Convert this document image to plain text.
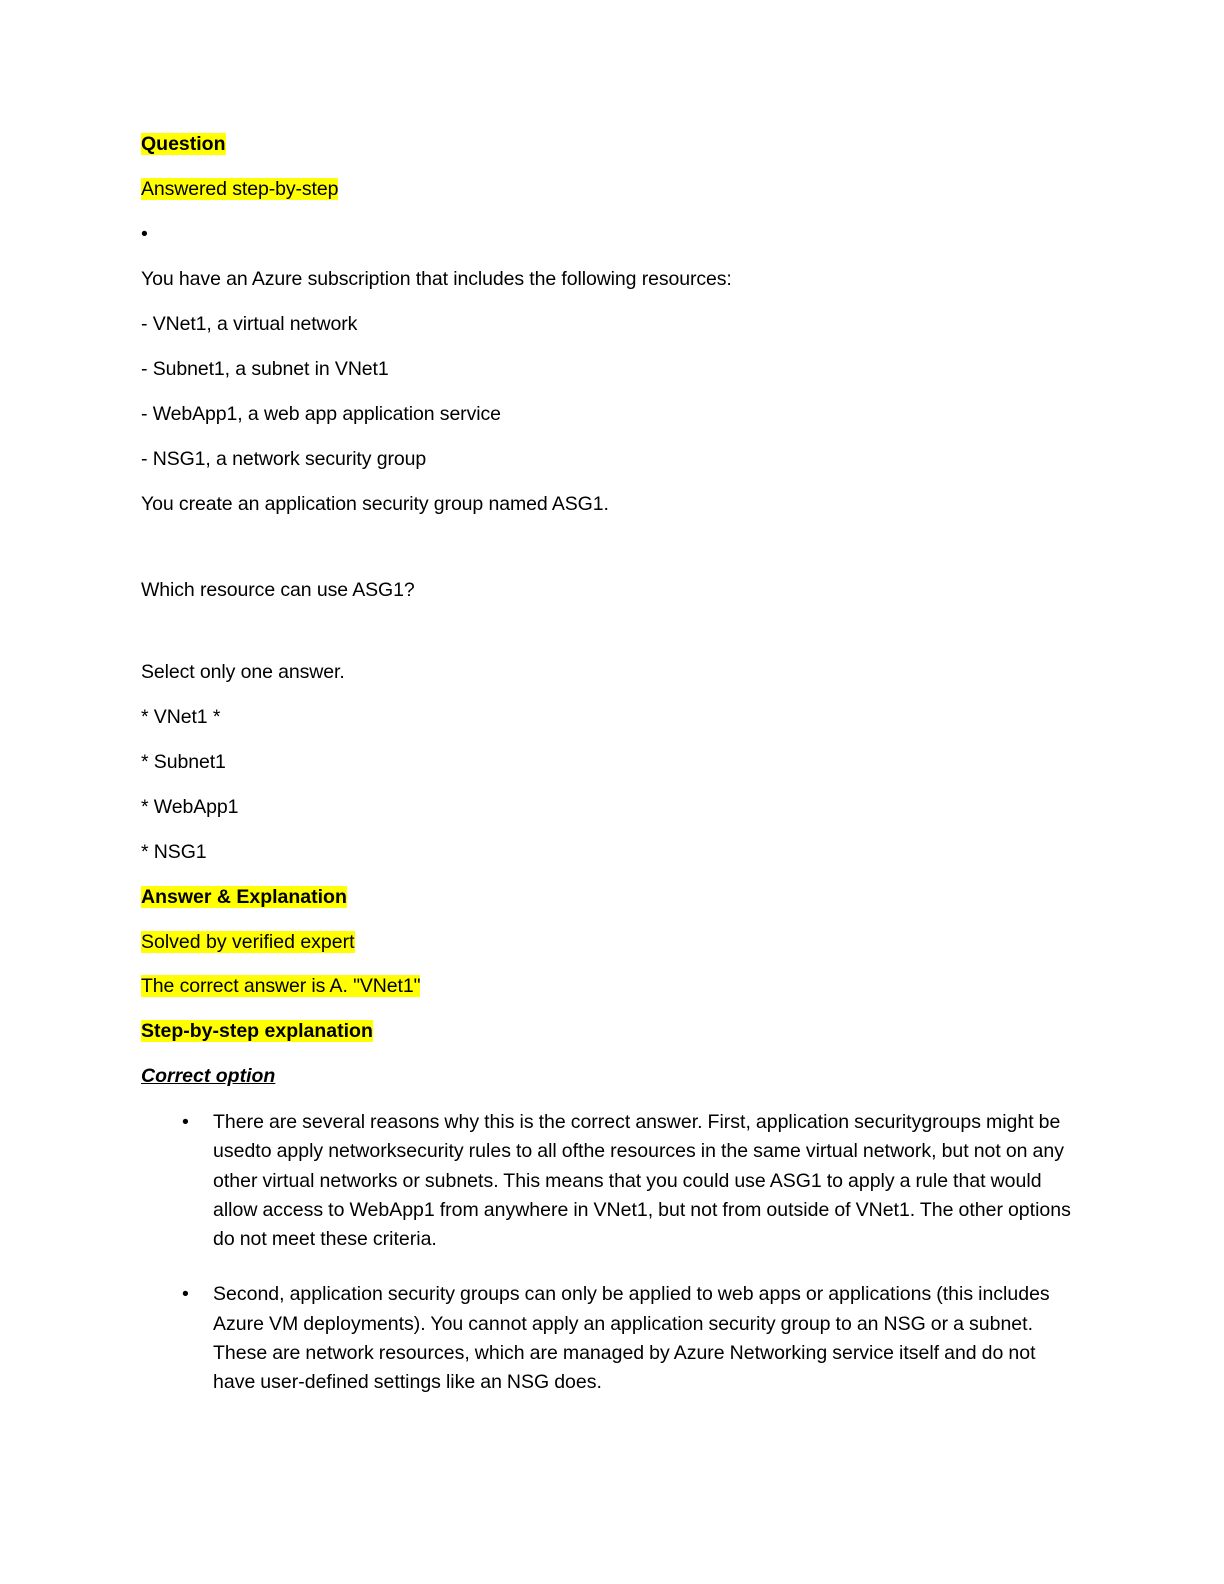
Question
Answered step-by-step
•
You have an Azure subscription that includes the following resources:
- VNet1, a virtual network
- Subnet1, a subnet in VNet1
- WebApp1, a web app application service
- NSG1, a network security group
You create an application security group named ASG1.
Which resource can use ASG1?
Select only one answer.
* VNet1 *
* Subnet1
* WebApp1
* NSG1
Answer & Explanation
Solved by verified expert
The correct answer is A. "VNet1"
Step-by-step explanation
Correct option
• There are several reasons why this is the correct answer. First, application securitygroups might be usedto apply networksecurity rules to all ofthe resources in the same virtual network, but not on any other virtual networks or subnets. This means that you could use ASG1 to apply a rule that would allow access to WebApp1 from anywhere in VNet1, but not from outside of VNet1. The other options do not meet these criteria.
• Second, application security groups can only be applied to web apps or applications (this includes Azure VM deployments). You cannot apply an application security group to an NSG or a subnet. These are network resources, which are managed by Azure Networking service itself and do not have user-defined settings like an NSG does.
